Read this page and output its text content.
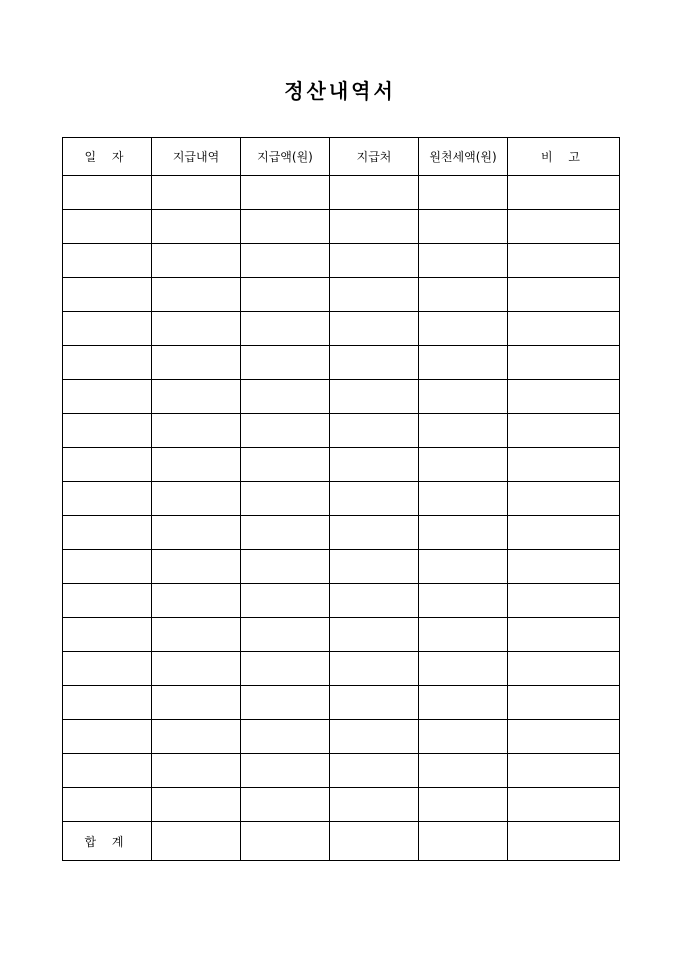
정산내역서
일 자	지급내역	지급액(원)	지급처	원천세액(원)	비 고

합 계					
